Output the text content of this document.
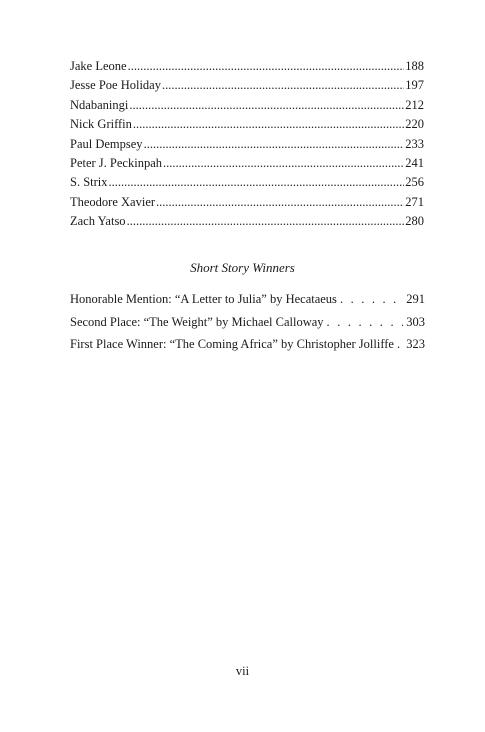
Jake Leone .....	188
Jesse Poe Holiday .....	197
Ndabaningi .....	212
Nick Griffin .....	220
Paul Dempsey .....	233
Peter J. Peckinpah .....	241
S. Strix .....	256
Theodore Xavier .....	271
Zach Yatso .....	280
Short Story Winners
Honorable Mention: “A Letter to Julia” by Hecataeus . . .	291
Second Place: “The Weight” by Michael Calloway . . .	303
First Place Winner: “The Coming Africa” by Christopher Jolliffe . . . 323
vii
